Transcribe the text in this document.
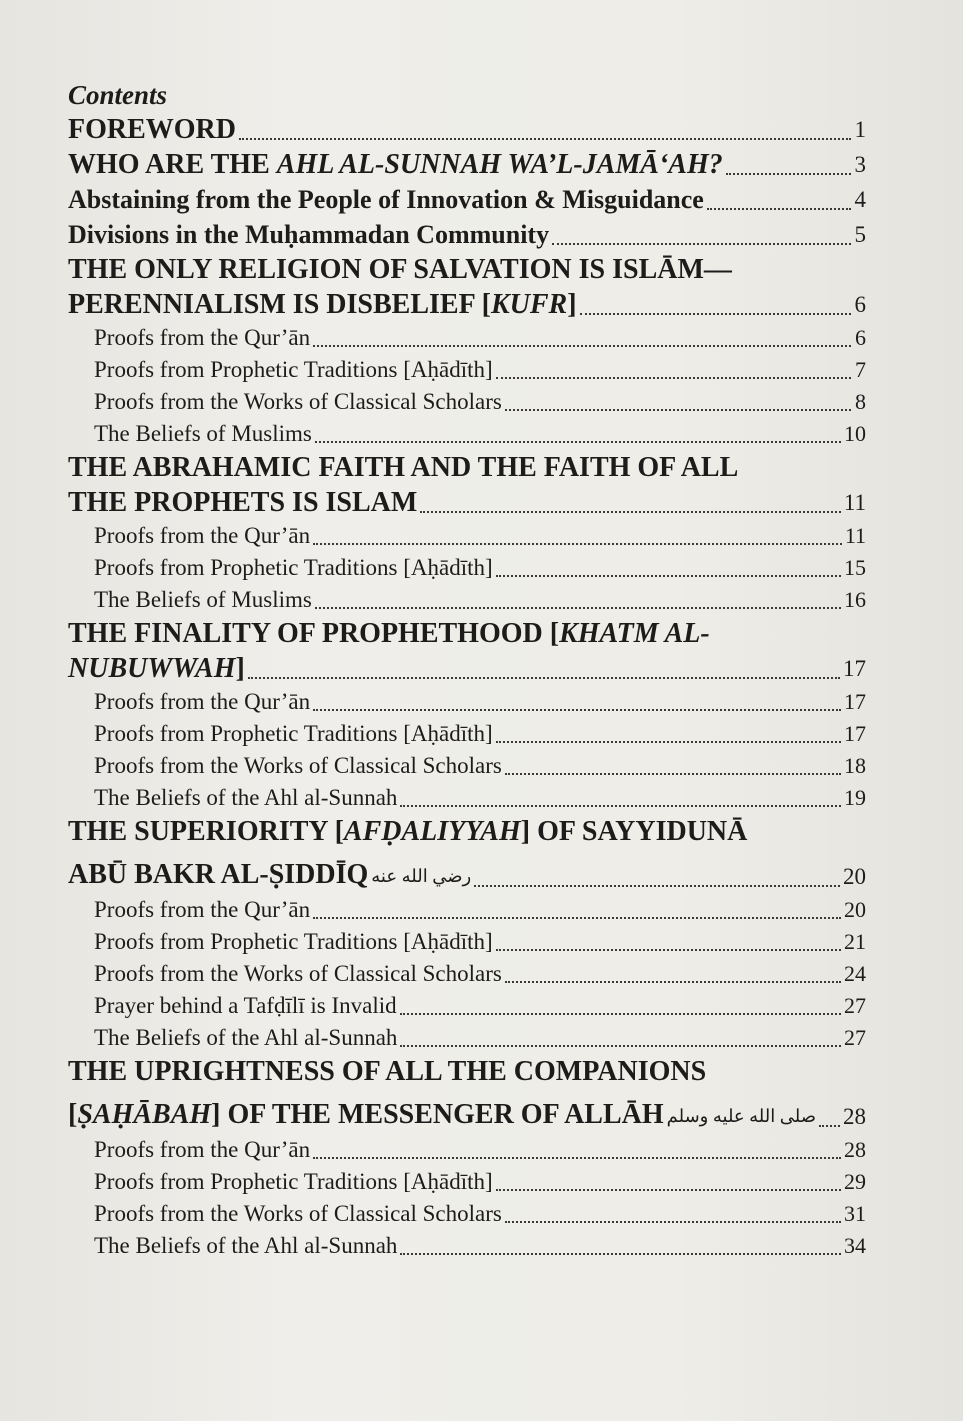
Contents
FOREWORD	1
WHO ARE THE AHL AL-SUNNAH WA’L-JAMĀ‘AH?	3
Abstaining from the People of Innovation & Misguidance	4
Divisions in the Muḥammadan Community	5
THE ONLY RELIGION OF SALVATION IS ISLĀM—
PERENNIALISM IS DISBELIEF [KUFR]	6
Proofs from the Qur’ān	6
Proofs from Prophetic Traditions [Aḥādīth]	7
Proofs from the Works of Classical Scholars	8
The Beliefs of Muslims	10
THE ABRAHAMIC FAITH AND THE FAITH OF ALL
THE PROPHETS IS ISLAM	11
Proofs from the Qur’ān	11
Proofs from Prophetic Traditions [Aḥādīth]	15
The Beliefs of Muslims	16
THE FINALITY OF PROPHETHOOD [KHATM AL-
NUBUWWAH]	17
Proofs from the Qur’ān	17
Proofs from Prophetic Traditions [Aḥādīth]	17
Proofs from the Works of Classical Scholars	18
The Beliefs of the Ahl al-Sunnah	19
THE SUPERIORITY [AFḌALIYYAH] OF SAYYIDUNĀ
ABŪ BAKR AL-ṢIDDĪQ رضي الله عنه	20
Proofs from the Qur’ān	20
Proofs from Prophetic Traditions [Aḥādīth]	21
Proofs from the Works of Classical Scholars	24
Prayer behind a Tafḍīlī is Invalid	27
The Beliefs of the Ahl al-Sunnah	27
THE UPRIGHTNESS OF ALL THE COMPANIONS
[ṢAḤĀBAH] OF THE MESSENGER OF ALLĀH صلى الله عليه وسلم 28
Proofs from the Qur’ān	28
Proofs from Prophetic Traditions [Aḥādīth]	29
Proofs from the Works of Classical Scholars	31
The Beliefs of the Ahl al-Sunnah	34
